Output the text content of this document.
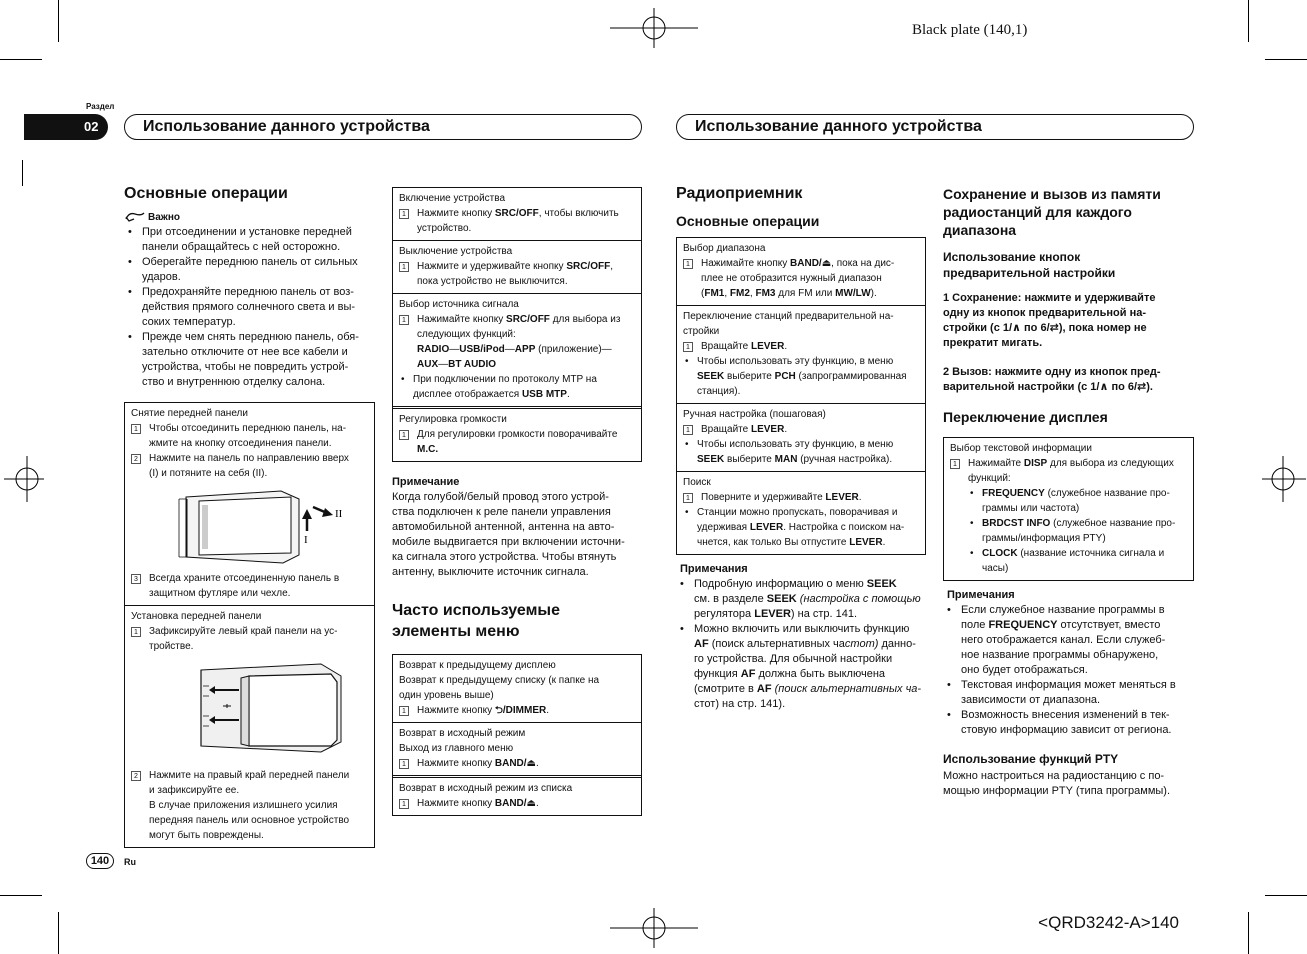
Black plate (140,1)
<QRD3242-A>140
Раздел
02	Использование данного устройства	Использование данного устройства
Основные операции
Важно
• При отсоединении и установке передней
панели обращайтесь с ней осторожно.
• Оберегайте переднюю панель от сильных
ударов.
• Предохраняйте переднюю панель от воз-
действия прямого солнечного света и вы-
соких температур.
• Прежде чем снять переднюю панель, обя-
зательно отключите от нее все кабели и
устройства, чтобы не повредить устрой-
ство и внутреннюю отделку салона.
Снятие передней панели
1	Чтобы отсоединить переднюю панель, на-
жмите на кнопку отсоединения панели.
2	Нажмите на панель по направлению вверх
(I) и потяните на себя (II).
II
I
3	Всегда храните отсоединенную панель в
защитном футляре или чехле.
Установка передней панели
1	Зафиксируйте левый край панели на ус-
тройстве.
2	Нажмите на правый край передней панели
и зафиксируйте ее.
В случае приложения излишнего усилия
передняя панель или основное устройство
могут быть повреждены.
Включение устройства
1	Нажмите кнопку SRC/OFF, чтобы включить
устройство.
Выключение устройства
1	Нажмите и удерживайте кнопку SRC/OFF,
пока устройство не выключится.
Выбор источника сигнала
1	Нажимайте кнопку SRC/OFF для выбора из
следующих функций:
RADIO—USB/iPod—APP (приложение)—
AUX—BT AUDIO
• При подключении по протоколу MTP на
дисплее отображается USB MTP.
Регулировка громкости
1	Для регулировки громкости поворачивайте
M.C.
Примечание
Когда голубой/белый провод этого устрой-
ства подключен к реле панели управления
автомобильной антенной, антенна на авто-
мобиле выдвигается при включении источни-
ка сигнала этого устройства. Чтобы втянуть
антенну, выключите источник сигнала.
Часто используемые
элементы меню
Возврат к предыдущему дисплею
Возврат к предыдущему списку (к папке на
один уровень выше)
1	Нажмите кнопку ⮌/DIMMER.
Возврат в исходный режим
Выход из главного меню
1	Нажмите кнопку BAND/⏏.
Возврат в исходный режим из списка
1	Нажмите кнопку BAND/⏏.
Радиоприемник
Основные операции
Выбор диапазона
1	Нажимайте кнопку BAND/⏏, пока на дис-
плее не отобразится нужный диапазон
(FM1, FM2, FM3 для FM или MW/LW).
Переключение станций предварительной на-
стройки
1	Вращайте LEVER.
• Чтобы использовать эту функцию, в меню
SEEK выберите PCH (запрограммированная
станция).
Ручная настройка (пошаговая)
1	Вращайте LEVER.
• Чтобы использовать эту функцию, в меню
SEEK выберите MAN (ручная настройка).
Поиск
1	Поверните и удерживайте LEVER.
• Станции можно пропускать, поворачивая и
удерживая LEVER. Настройка с поиском на-
чнется, как только Вы отпустите LEVER.
Примечания
• Подробную информацию о меню SEEK
см. в разделе SEEK (настройка с помощью
регулятора LEVER) на стр. 141.
• Можно включить или выключить функцию
AF (поиск альтернативных частот) данно-
го устройства. Для обычной настройки
функция AF должна быть выключена
(смотрите в AF (поиск альтернативных ча-
стот) на стр. 141).
Сохранение и вызов из памяти
радиостанций для каждого
диапазона
Использование кнопок
предварительной настройки
1 Сохранение: нажмите и удерживайте
одну из кнопок предварительной на-
стройки (с 1/∧ по 6/⇄), пока номер не
прекратит мигать.
2 Вызов: нажмите одну из кнопок пред-
варительной настройки (с 1/∧ по 6/⇄).
Переключение дисплея
Выбор текстовой информации
1	Нажимайте DISP для выбора из следующих
функций:
• FREQUENCY (служебное название про-
граммы или частота)
• BRDCST INFO (служебное название про-
граммы/информация PTY)
• CLOCK (название источника сигнала и
часы)
Примечания
• Если служебное название программы в
поле FREQUENCY отсутствует, вместо
него отображается канал. Если служеб-
ное название программы обнаружено,
оно будет отображаться.
• Текстовая информация может меняться в
зависимости от диапазона.
• Возможность внесения изменений в тек-
стовую информацию зависит от региона.
Использование функций PTY
Можно настроиться на радиостанцию с по-
мощью информации PTY (типа программы).
140	Ru
